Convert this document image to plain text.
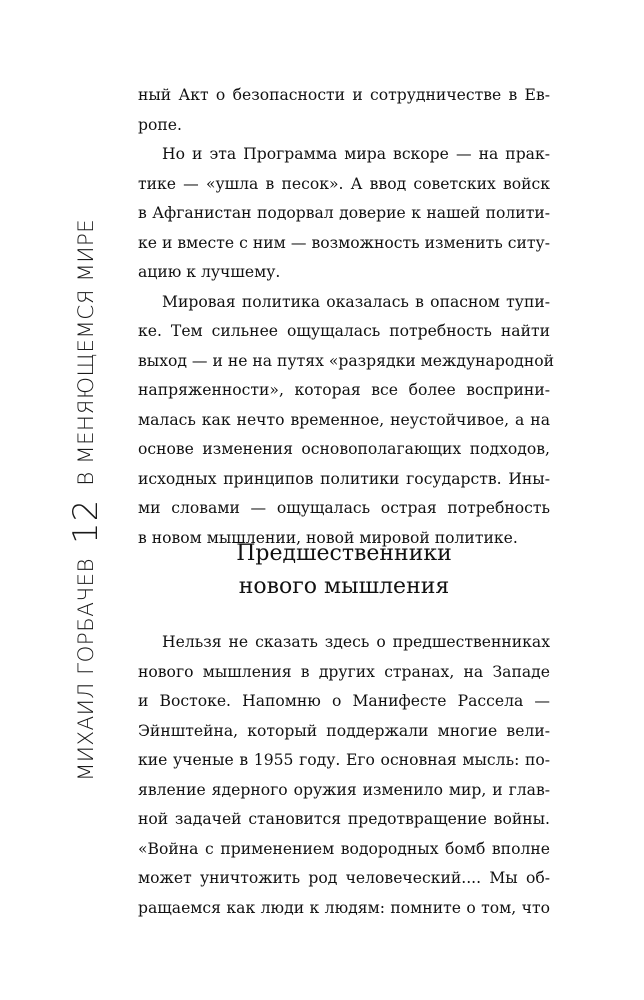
МИХАИЛ ГОРБАЧЕВ
12
В МЕНЯЮЩЕМСЯ МИРЕ
ный Акт о безопасности и сотрудничестве в Ев-
ропе.
Но и эта Программа мира вскоре — на прак-
тике — «ушла в песок». А ввод советских войск
в Афганистан подорвал доверие к нашей полити-
ке и вместе с ним — возможность изменить ситу-
ацию к лучшему.
Мировая политика оказалась в опасном тупи-
ке. Тем сильнее ощущалась потребность найти
выход — и не на путях «разрядки международной
напряженности», которая все более восприни-
малась как нечто временное, неустойчивое, а на
основе изменения основополагающих подходов,
исходных принципов политики государств. Ины-
ми словами — ощущалась острая потребность
в новом мышлении, новой мировой политике.
Предшественники
нового мышления
Нельзя не сказать здесь о предшественниках
нового мышления в других странах, на Западе
и Востоке. Напомню о Манифесте Рассела —
Эйнштейна, который поддержали многие вели-
кие ученые в 1955 году. Его основная мысль: по-
явление ядерного оружия изменило мир, и глав-
ной задачей становится предотвращение войны.
«Война с применением водородных бомб вполне
может уничтожить род человеческий.... Мы об-
ращаемся как люди к людям: помните о том, что
